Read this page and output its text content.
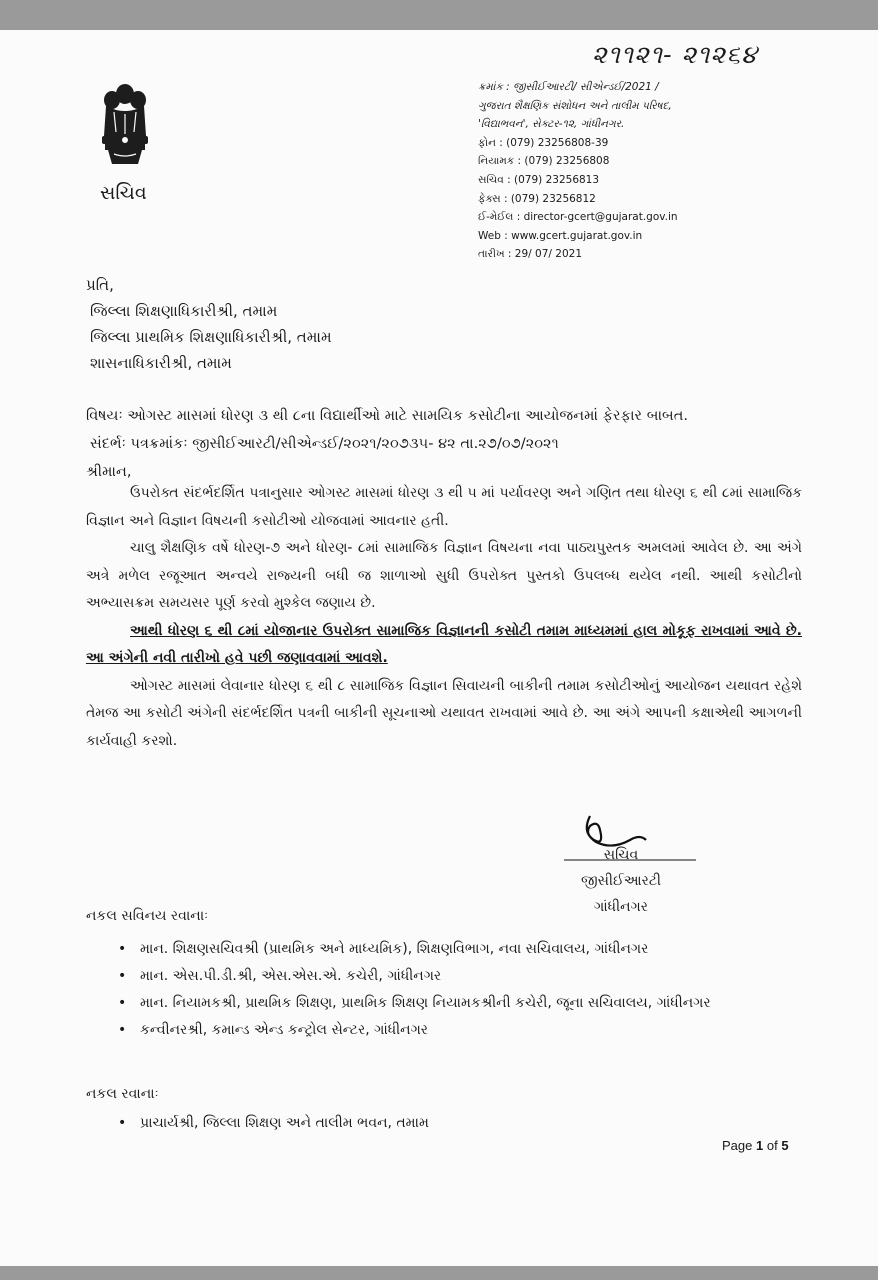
૨૧૧૨૧- ૨૧૨૬૪
સચિવ
ક્રમાંક : જીસીઈઆરટી/ સીએન્ડઈ/2021 /
ગુજરાત શૈક્ષણિક સંશોધન અને તાલીમ પરિષદ,
'વિદ્યાભવન', સેક્ટર-૧૨, ગાંધીનગર.
ફોન : (079) 23256808-39
નિયામક : (079) 23256808
સચિવ : (079) 23256813
ફેક્સ : (079) 23256812
ઈ-મેઈલ : director-gcert@gujarat.gov.in
Web : www.gcert.gujarat.gov.in
તારીખ : 29/ 07/ 2021
પ્રતિ,
જિલ્લા શિક્ષણાધિકારીશ્રી, તમામ
જિલ્લા પ્રાથમિક શિક્ષણાધિકારીશ્રી, તમામ
શાસનાધિકારીશ્રી, તમામ
વિષયઃ ઓગસ્ટ માસમાં ધોરણ ૩ થી ૮ના વિદ્યાર્થીઓ માટે સામયિક કસોટીના આયોજનમાં ફેરફાર બાબત.
સંદર્ભઃ પત્રક્રમાંકઃ જીસીઈઆરટી/સીએન્ડઈ/૨૦૨૧/૨૦૭૩૫- ૪૨ તા.૨૭/૦૭/૨૦૨૧
શ્રીમાન,

ઉપરોક્ત સંદર્ભદર્શિત પત્રાનુસાર ઓગસ્ટ માસમાં ધોરણ ૩ થી ૫ માં પર્યાવરણ અને ગણિત તથા ધોરણ ૬ થી ૮માં સામાજિક વિજ્ઞાન અને વિજ્ઞાન વિષયની કસોટીઓ યોજવામાં આવનાર હતી.

ચાલુ શૈક્ષણિક વર્ષે ધોરણ-૭ અને ધોરણ- ૮માં સામાજિક વિજ્ઞાન વિષયના નવા પાઠ્યપુસ્તક અમલમાં આવેલ છે. આ અંગે અત્રે મળેલ રજૂઆત અન્વયે રાજ્યની બધી જ શાળાઓ સુધી ઉપરોક્ત પુસ્તકો ઉપલબ્ધ થયેલ નથી. આથી કસોટીનો અભ્યાસક્રમ સમયસર પૂર્ણ કરવો મુશ્કેલ જણાય છે.

આથી ધોરણ ૬ થી ૮માં યોજાનાર ઉપરોક્ત સામાજિક વિજ્ઞાનની કસોટી તમામ માધ્યમમાં હાલ મોકૂફ રાખવામાં આવે છે. આ અંગેની નવી તારીખો હવે પછી જણાવવામાં આવશે.

ઓગસ્ટ માસમાં લેવાનાર ધોરણ ૬ થી ૮ સામાજિક વિજ્ઞાન સિવાયની બાકીની તમામ કસોટીઓનું આયોજન યથાવત રહેશે તેમજ આ કસોટી અંગેની સંદર્ભદર્શિત પત્રની બાકીની સૂચનાઓ યથાવત રાખવામાં આવે છે. આ અંગે આપની કક્ષાએથી આગળની કાર્યવાહી કરશો.

સચિવ
જીસીઈઆરટી
ગાંધીનગર
નકલ સવિનય રવાનાઃ
• માન. શિક્ષણસચિવશ્રી (પ્રાથમિક અને માધ્યમિક), શિક્ષણવિભાગ, નવા સચિવાલય, ગાંધીનગર
• માન. એસ.પી.ડી.શ્રી, એસ.એસ.એ. કચેરી, ગાંધીનગર
• માન. નિયામકશ્રી, પ્રાથમિક શિક્ષણ, પ્રાથમિક શિક્ષણ નિયામકશ્રીની કચેરી, જૂના સચિવાલય, ગાંધીનગર
• કન્વીનરશ્રી, કમાન્ડ એન્ડ કન્ટ્રોલ સેન્ટર, ગાંધીનગર
નકલ રવાનાઃ
• પ્રાચાર્યશ્રી, જિલ્લા શિક્ષણ અને તાલીમ ભવન, તમામ
Page 1 of 5
